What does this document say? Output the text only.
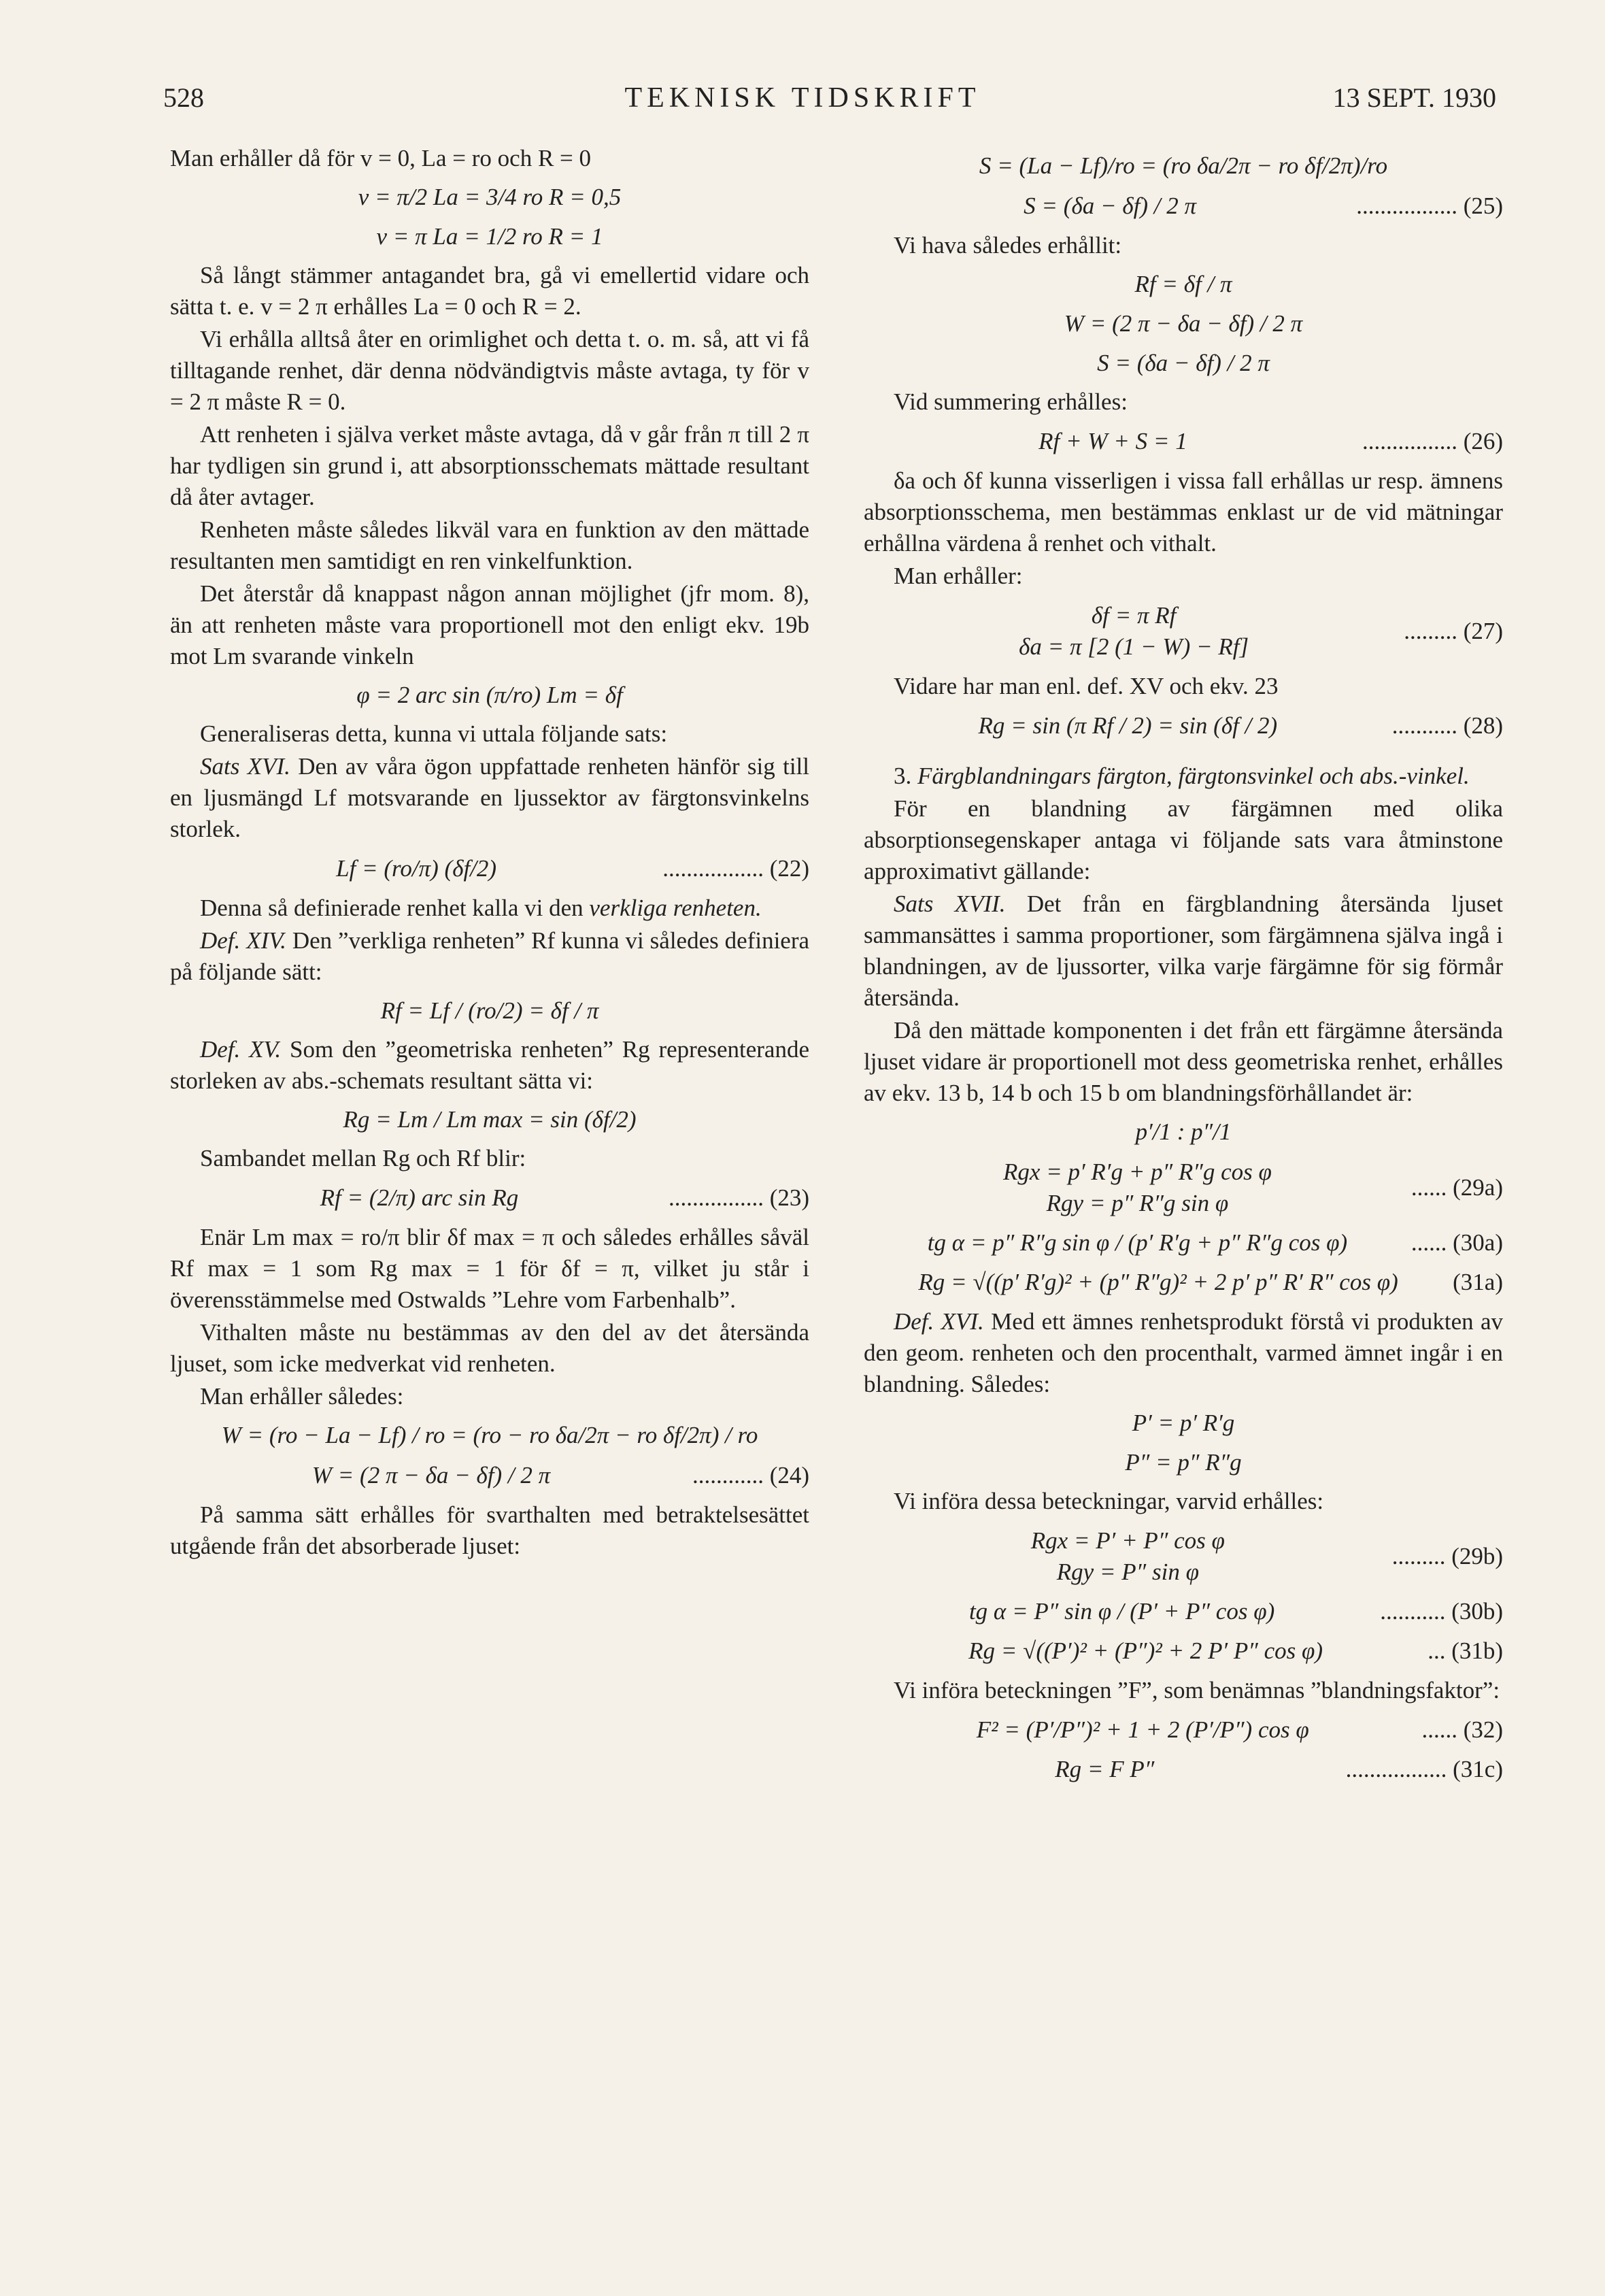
528	TEKNISK TIDSKRIFT	13 SEPT. 1930

Man erhåller då för v = 0, La = ro och R = 0

v = π/2 La = 3/4 ro R = 0,5
v = π La = 1/2 ro R = 1

Så långt stämmer antagandet bra, gå vi emellertid vidare och sätta t. e. v = 2 π erhålles La = 0 och R = 2.

Vi erhålla alltså åter en orimlighet och detta t. o. m. så, att vi få tilltagande renhet, där denna nödvändigtvis måste avtaga, ty för v = 2 π måste R = 0.

Att renheten i själva verket måste avtaga, då v går från π till 2 π har tydligen sin grund i, att absorptionsschemats mättade resultant då åter avtager.

Renheten måste således likväl vara en funktion av den mättade resultanten men samtidigt en ren vinkelfunktion.

Det återstår då knappast någon annan möjlighet (jfr mom. 8), än att renheten måste vara proportionell mot den enligt ekv. 19b mot Lm svarande vinkeln

φ = 2 arc sin (π/ro) Lm = δf

Generaliseras detta, kunna vi uttala följande sats:

Sats XVI. Den av våra ögon uppfattade renheten hänför sig till en ljusmängd Lf motsvarande en ljussektor av färgtonsvinkelns storlek.

Lf = (ro/π) (δf/2)	................. (22)

Denna så definierade renhet kalla vi den verkliga renheten.

Def. XIV. Den ”verkliga renheten” Rf kunna vi således definiera på följande sätt:

Rf = Lf / (ro/2) = δf / π

Def. XV. Som den ”geometriska renheten” Rg representerande storleken av abs.-schemats resultant sätta vi:

Rg = Lm / Lm max = sin (δf/2)

Sambandet mellan Rg och Rf blir:

Rf = (2/π) arc sin Rg	................ (23)

Enär Lm max = ro/π blir δf max = π och således erhålles såväl Rf max = 1 som Rg max = 1 för δf = π, vilket ju står i överensstämmelse med Ostwalds ”Lehre vom Farbenhalb”.

Vithalten måste nu bestämmas av den del av det återsända ljuset, som icke medverkat vid renheten.

Man erhåller således:

W = (ro − La − Lf) / ro = (ro − ro δa/2π − ro δf/2π) / ro
W = (2 π − δa − δf) / 2 π	............ (24)

På samma sätt erhålles för svarthalten med betraktelsesättet utgående från det absorberade ljuset:

S = (La − Lf)/ro = (ro δa/2π − ro δf/2π)/ro
S = (δa − δf) / 2 π	................. (25)

Vi hava således erhållit:

Rf = δf / π
W = (2 π − δa − δf) / 2 π
S = (δa − δf) / 2 π

Vid summering erhålles:

Rf + W + S = 1	................ (26)

δa och δf kunna visserligen i vissa fall erhållas ur resp. ämnens absorptionsschema, men bestämmas enklast ur de vid mätningar erhållna värdena å renhet och vithalt.

Man erhåller:

δf = π Rf
δa = π [2 (1 − W) − Rf]
......... (27)

Vidare har man enl. def. XV och ekv. 23

Rg = sin (π Rf / 2) = sin (δf / 2)	........... (28)

3. Färgblandningars färgton, färgtonsvinkel och abs.-vinkel.

För en blandning av färgämnen med olika absorptionsegenskaper antaga vi följande sats vara åtminstone approximativt gällande:

Sats XVII. Det från en färgblandning återsända ljuset sammansättes i samma proportioner, som färgämnena själva ingå i blandningen, av de ljussorter, vilka varje färgämne för sig förmår återsända.

Då den mättade komponenten i det från ett färgämne återsända ljuset vidare är proportionell mot dess geometriska renhet, erhålles av ekv. 13 b, 14 b och 15 b om blandningsförhållandet är:

p′/1 : p″/1
Rgx = p′ R′g + p″ R″g cos φ
Rgy = p″ R″g sin φ
...... (29a)
tg α = p″ R″g sin φ / (p′ R′g + p″ R″g cos φ)	...... (30a)
Rg = √((p′ R′g)² + (p″ R″g)² + 2 p′ p″ R′ R″ cos φ)	(31a)

Def. XVI. Med ett ämnes renhetsprodukt förstå vi produkten av den geom. renheten och den procenthalt, varmed ämnet ingår i en blandning. Således:

P′ = p′ R′g
P″ = p″ R″g

Vi införa dessa beteckningar, varvid erhålles:

Rgx = P′ + P″ cos φ
Rgy = P″ sin φ
......... (29b)
tg α = P″ sin φ / (P′ + P″ cos φ)	........... (30b)
Rg = √((P′)² + (P″)² + 2 P′ P″ cos φ)	... (31b)

Vi införa beteckningen ”F”, som benämnas ”blandningsfaktor”:

F² = (P′/P″)² + 1 + 2 (P′/P″) cos φ	...... (32)
Rg = F P″	................. (31c)
